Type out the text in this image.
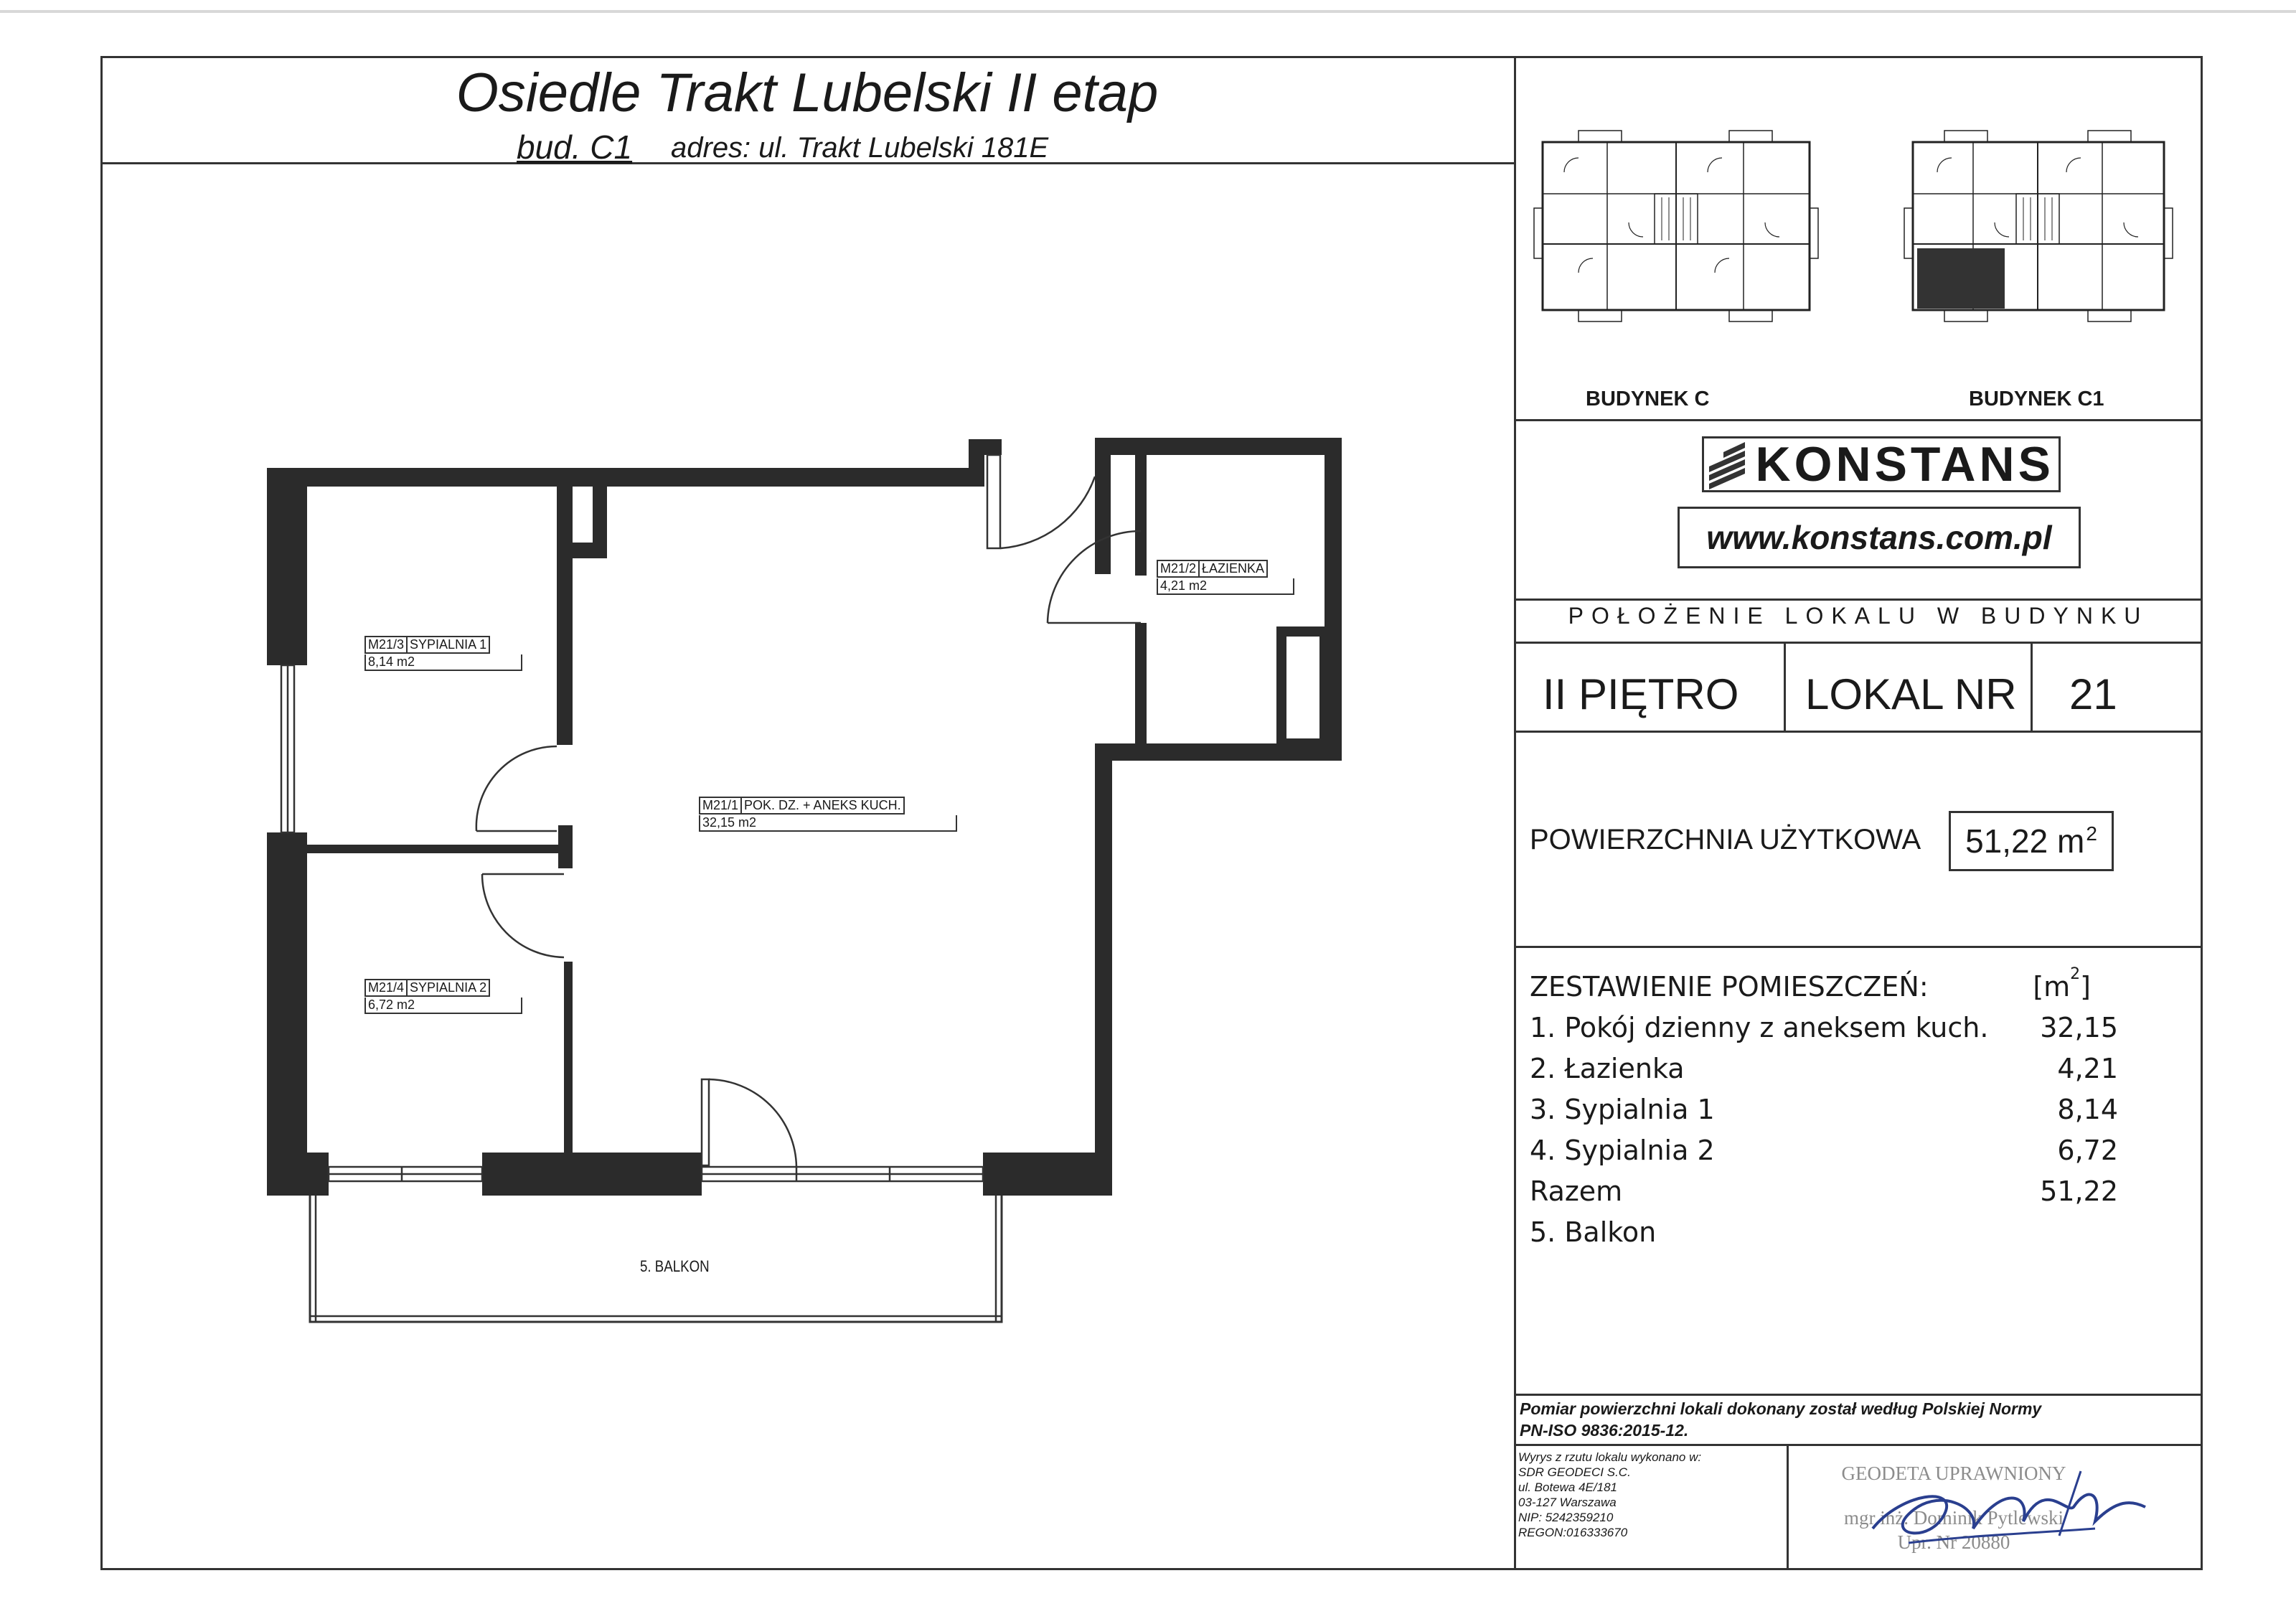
Osiedle Trakt Lubelski II etap
bud. C1 adres: ul. Trakt Lubelski 181E
M21/3 SYPIALNIA 1
8,14 m2
M21/1 POK. DZ. + ANEKS KUCH.
32,15 m2
M21/2 ŁAZIENKA
4,21 m2
M21/4 SYPIALNIA 2
6,72 m2
5. BALKON
BUDYNEK C	BUDYNEK C1
KONSTANS
www.konstans.com.pl
POŁOŻENIE LOKALU W BUDYNKU
II PIĘTRO LOKAL NR 21
POWIERZCHNIA UŻYTKOWA 51,22 $m^2$
ZESTAWIENIE POMIESZCZEŃ:	$[m^2]$
1. Pokój dzienny z aneksem kuch. 32,15
2. Łazienka	4,21
3. Sypialnia 1	8,14
4. Sypialnia 2	6,72
Razem	51,22
5. Balkon
Pomiar powierzchni lokali dokonany został według Polskiej Normy
PN-ISO 9836:2015-12.
Wyrys z rzutu lokalu wykonano w:
SDR GEODECI S.C.
ul. Botewa 4E/181
03-127 Warszawa
NIP: 5242359210
REGON:016333670
GEODETA UPRAWNIONY
mgr inż. Dominik Pytlewski
Upr. Nr 20880
